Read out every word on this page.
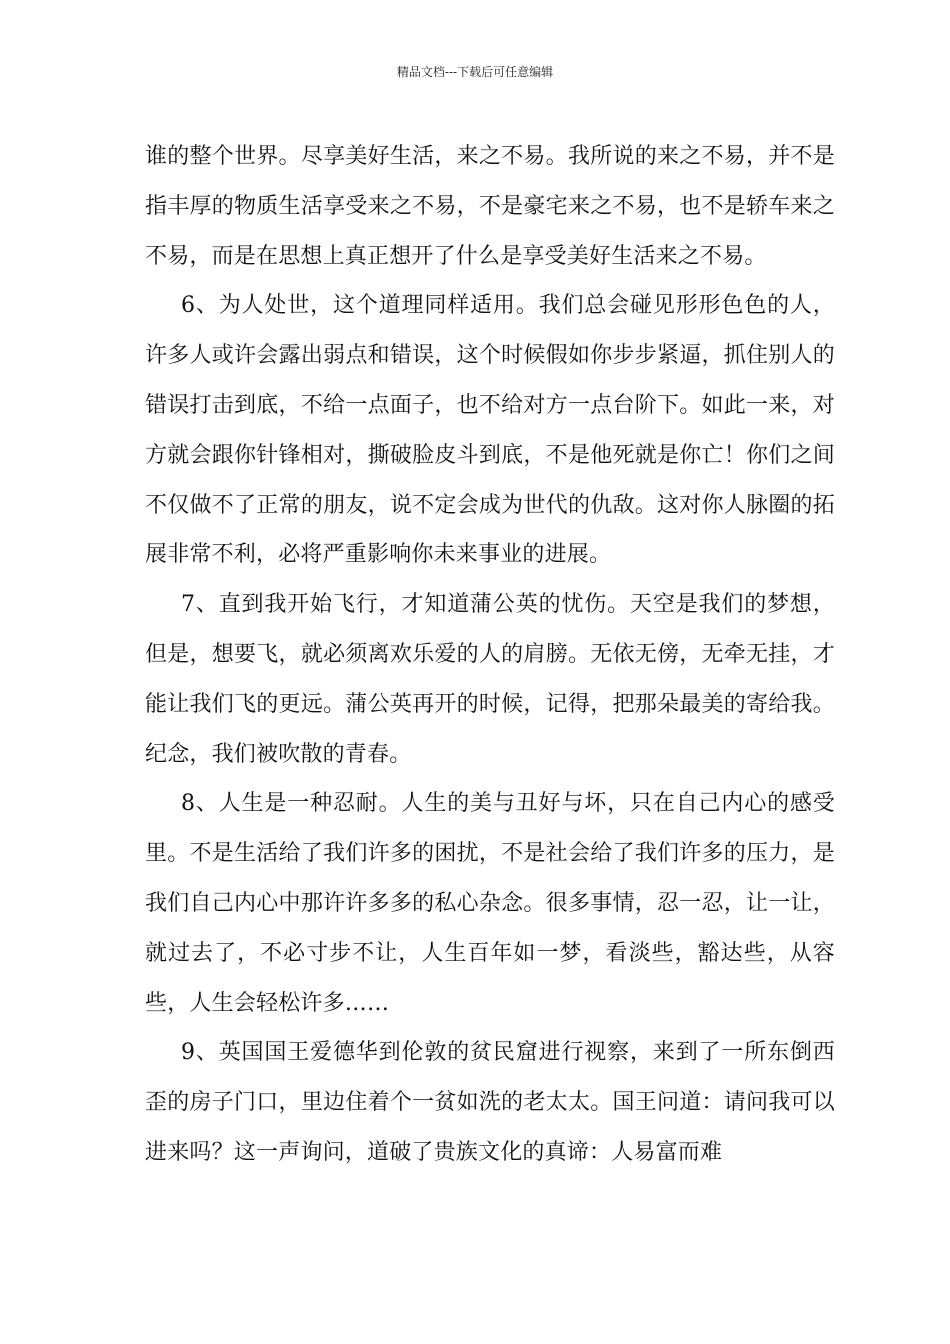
精品文档---下载后可任意编辑

谁的整个世界。尽享美好生活，来之不易。我所说的来之不易，并不是指丰厚的物质生活享受来之不易，不是豪宅来之不易，也不是轿车来之不易，而是在思想上真正想开了什么是享受美好生活来之不易。

6、为人处世，这个道理同样适用。我们总会碰见形形色色的人，许多人或许会露出弱点和错误，这个时候假如你步步紧逼，抓住别人的错误打击到底，不给一点面子，也不给对方一点台阶下。如此一来，对方就会跟你针锋相对，撕破脸皮斗到底，不是他死就是你亡！你们之间不仅做不了正常的朋友，说不定会成为世代的仇敌。这对你人脉圈的拓展非常不利，必将严重影响你未来事业的进展。

7、直到我开始飞行，才知道蒲公英的忧伤。天空是我们的梦想，但是，想要飞，就必须离欢乐爱的人的肩膀。无依无傍，无牵无挂，才能让我们飞的更远。蒲公英再开的时候，记得，把那朵最美的寄给我。纪念，我们被吹散的青春。

8、人生是一种忍耐。人生的美与丑好与坏，只在自己内心的感受里。不是生活给了我们许多的困扰，不是社会给了我们许多的压力，是我们自己内心中那许许多多的私心杂念。很多事情，忍一忍，让一让，就过去了，不必寸步不让，人生百年如一梦，看淡些，豁达些，从容些，人生会轻松许多……

9、英国国王爱德华到伦敦的贫民窟进行视察，来到了一所东倒西歪的房子门口，里边住着个一贫如洗的老太太。国王问道：请问我可以进来吗？这一声询问，道破了贵族文化的真谛：人易富而难
